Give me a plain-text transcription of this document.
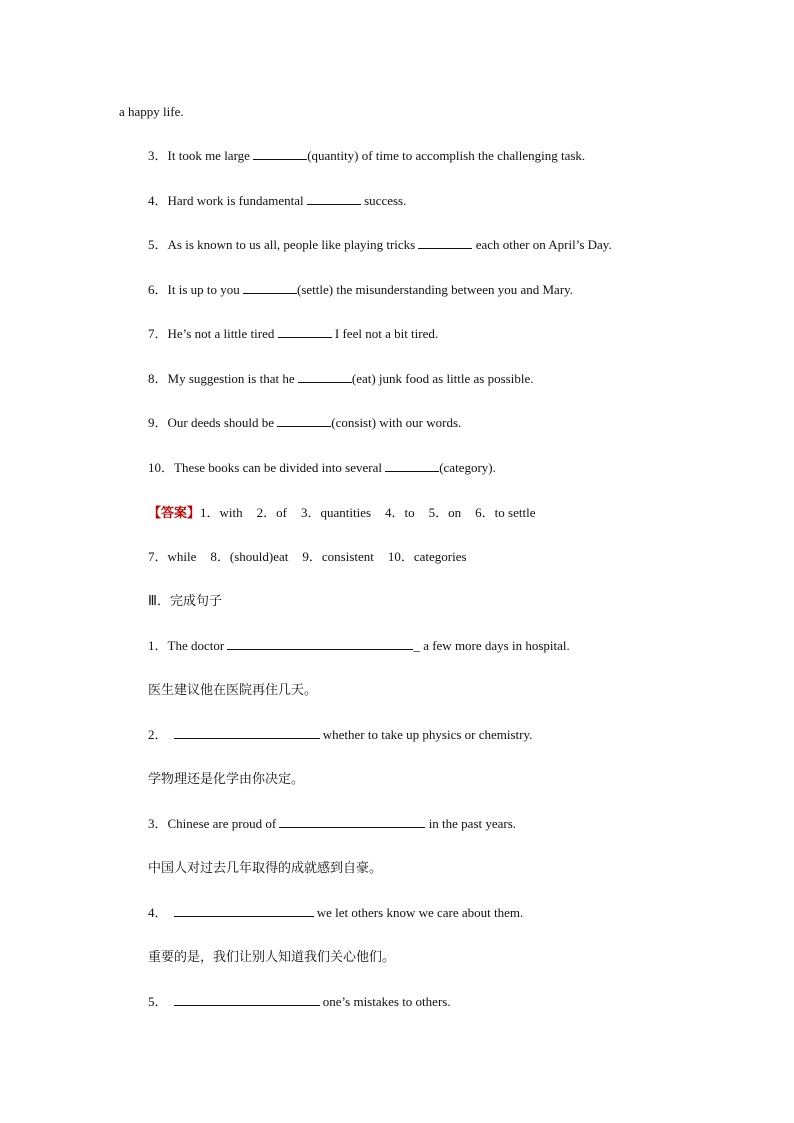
a happy life.
3．It took me large	(quantity) of time to accomplish the challenging task.
4．Hard work is fundamental	success.
5．As is known to us all, people like playing tricks	each other on April’s Day.
6．It is up to you	(settle) the misunderstanding between you and Mary.
7．He’s not a little tired	I feel not a bit tired.
8．My suggestion is that he	(eat) junk food as little as possible.
9．Our deeds should be	(consist) with our words.
10．These books can be divided into several	(category).
【答案】1．with 2．of 3．quantities 4．to 5．on 6．to settle
7．while 8．(should)eat 9．consistent 10．categories
Ⅲ．完成句子
1．The doctor	_ a few more days in hospital.
医生建议他在医院再住几天。
2．	whether to take up physics or chemistry.
学物理还是化学由你决定。
3．Chinese are proud of	in the past years.
中国人对过去几年取得的成就感到自豪。
4．	we let others know we care about them.
重要的是，我们让别人知道我们关心他们。
5．	one’s mistakes to others.
